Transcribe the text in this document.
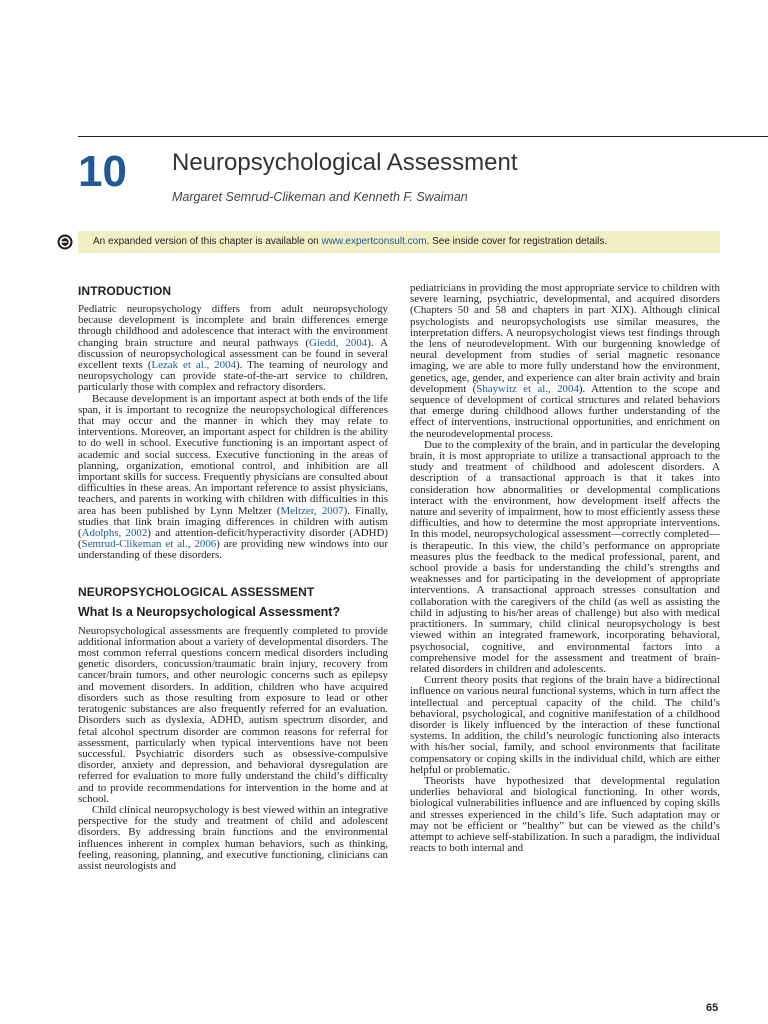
10 Neuropsychological Assessment
Margaret Semrud-Clikeman and Kenneth F. Swaiman
An expanded version of this chapter is available on www.expertconsult.com. See inside cover for registration details.
INTRODUCTION

Pediatric neuropsychology differs from adult neuropsychology because development is incomplete and brain differences emerge through childhood and adolescence that interact with the environment changing brain structure and neural pathways (Giedd, 2004). A discussion of neuropsychological assessment can be found in several excellent texts (Lezak et al., 2004). The teaming of neurology and neuropsychology can provide state-of-the-art service to children, particularly those with complex and refractory disorders.

Because development is an important aspect at both ends of the life span, it is important to recognize the neuropsychological differences that may occur and the manner in which they may relate to interventions. Moreover, an important aspect for children is the ability to do well in school. Executive functioning is an important aspect of academic and social success. Executive functioning in the areas of planning, organization, emotional control, and inhibition are all important skills for success. Frequently physicians are consulted about difficulties in these areas. An important reference to assist physicians, teachers, and parents in working with children with difficulties in this area has been published by Lynn Meltzer (Meltzer, 2007). Finally, studies that link brain imaging differences in children with autism (Adolphs, 2002) and attention-deficit/hyperactivity disorder (ADHD) (Semrud-Clikeman et al., 2006) are providing new windows into our understanding of these disorders.

NEUROPSYCHOLOGICAL ASSESSMENT
What Is a Neuropsychological Assessment?

Neuropsychological assessments are frequently completed to provide additional information about a variety of developmental disorders. The most common referral questions concern medical disorders including genetic disorders, concussion/traumatic brain injury, recovery from cancer/brain tumors, and other neurologic concerns such as epilepsy and movement disorders. In addition, children who have acquired disorders such as those resulting from exposure to lead or other teratogenic substances are also frequently referred for an evaluation. Disorders such as dyslexia, ADHD, autism spectrum disorder, and fetal alcohol spectrum disorder are common reasons for referral for assessment, particularly when typical interventions have not been successful. Psychiatric disorders such as obsessive-compulsive disorder, anxiety and depression, and behavioral dysregulation are referred for evaluation to more fully understand the child’s difficulty and to provide recommendations for intervention in the home and at school.

Child clinical neuropsychology is best viewed within an integrative perspective for the study and treatment of child and adolescent disorders. By addressing brain functions and the environmental influences inherent in complex human behaviors, such as thinking, feeling, reasoning, planning, and executive functioning, clinicians can assist neurologists and

pediatricians in providing the most appropriate service to children with severe learning, psychiatric, developmental, and acquired disorders (Chapters 50 and 58 and chapters in part XIX). Although clinical psychologists and neuropsychologists use similar measures, the interpretation differs. A neuropsychologist views test findings through the lens of neurodevelopment. With our burgeoning knowledge of neural development from studies of serial magnetic resonance imaging, we are able to more fully understand how the environment, genetics, age, gender, and experience can alter brain activity and brain development (Shaywitz et al., 2004). Attention to the scope and sequence of development of cortical structures and related behaviors that emerge during childhood allows further understanding of the effect of interventions, instructional opportunities, and enrichment on the neurodevelopmental process.

Due to the complexity of the brain, and in particular the developing brain, it is most appropriate to utilize a transactional approach to the study and treatment of childhood and adolescent disorders. A description of a transactional approach is that it takes into consideration how abnormalities or developmental complications interact with the environment, how development itself affects the nature and severity of impairment, how to most efficiently assess these difficulties, and how to determine the most appropriate interventions. In this model, neuropsychological assessment—correctly completed—is therapeutic. In this view, the child’s performance on appropriate measures plus the feedback to the medical professional, parent, and school provide a basis for understanding the child’s strengths and weaknesses and for participating in the development of appropriate interventions. A transactional approach stresses consultation and collaboration with the caregivers of the child (as well as assisting the child in adjusting to his/her areas of challenge) but also with medical practitioners. In summary, child clinical neuropsychology is best viewed within an integrated framework, incorporating behavioral, psychosocial, cognitive, and environmental factors into a comprehensive model for the assessment and treatment of brain-related disorders in children and adolescents.

Current theory posits that regions of the brain have a bidirectional influence on various neural functional systems, which in turn affect the intellectual and perceptual capacity of the child. The child’s behavioral, psychological, and cognitive manifestation of a childhood disorder is likely influenced by the interaction of these functional systems. In addition, the child’s neurologic functioning also interacts with his/her social, family, and school environments that facilitate compensatory or coping skills in the individual child, which are either helpful or problematic.

Theorists have hypothesized that developmental regulation underlies behavioral and biological functioning. In other words, biological vulnerabilities influence and are influenced by coping skills and stresses experienced in the child’s life. Such adaptation may or may not be efficient or “healthy” but can be viewed as the child’s attempt to achieve self-stabilization. In such a paradigm, the individual reacts to both internal and

65
